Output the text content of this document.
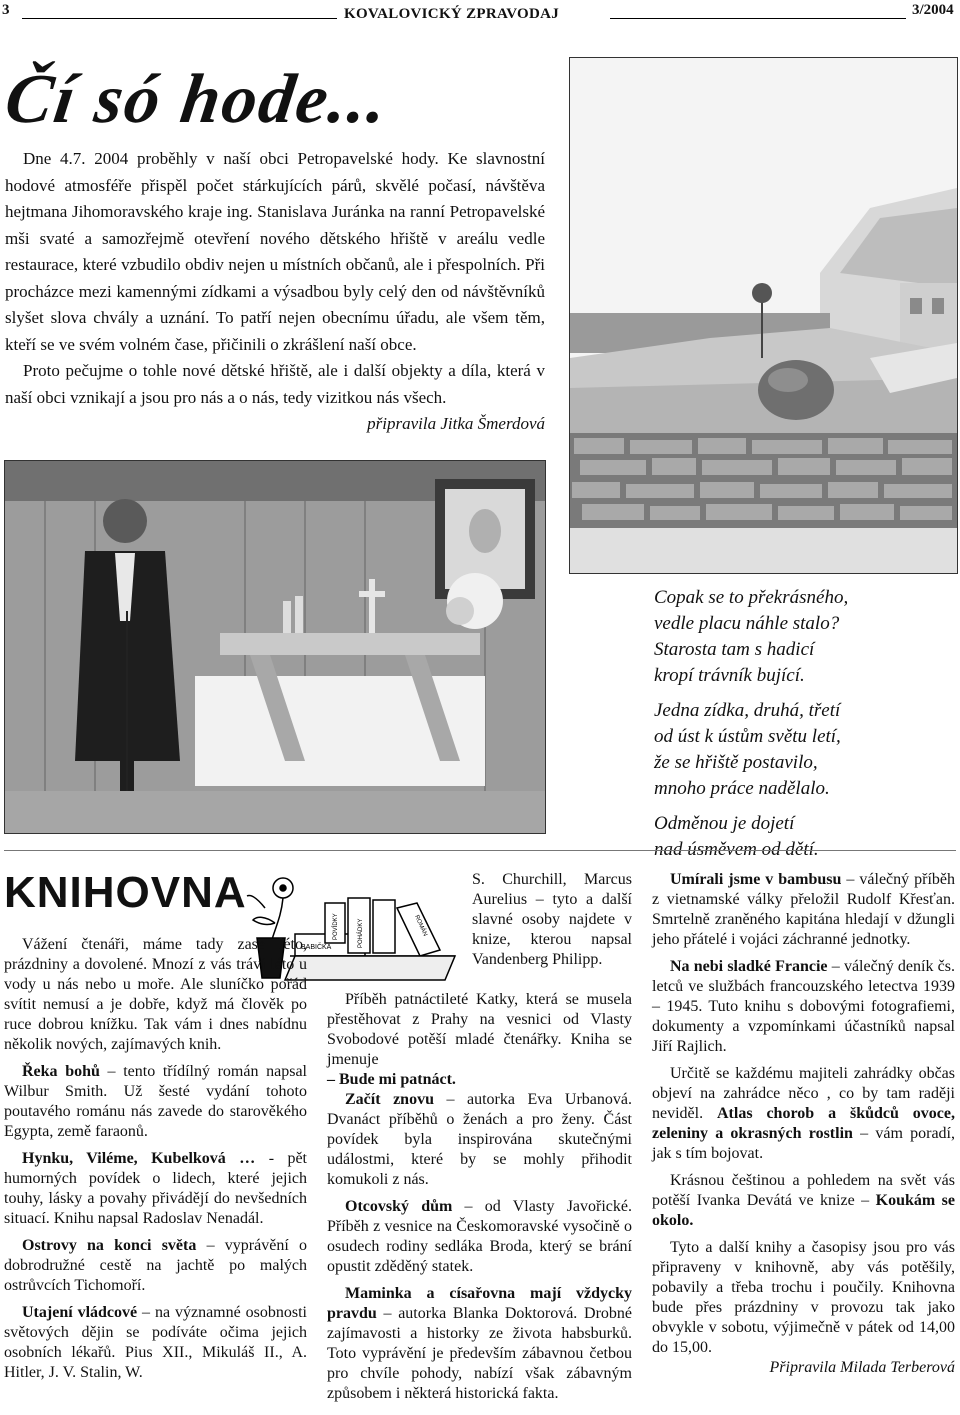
3	KOVALOVICKÝ ZPRAVODAJ	3/2004
Čí só hode...

Dne 4.7. 2004 proběhly v naší obci Petropavelské hody. Ke slavnostní hodové atmosféře přispěl počet stárkujících párů, skvělé počasí, návštěva hejtmana Jihomoravského kraje ing. Stanislava Juránka na ranní Petropavelské mši svaté a samozřejmě otevření nového dětského hřiště v areálu vedle restaurace, které vzbudilo obdiv nejen u místních občanů, ale i přespolních. Při procházce mezi kamennými zídkami a výsadbou byly celý den od návštěvníků slyšet slova chvály a uznání. To patří nejen obecnímu úřadu, ale všem těm, kteří se ve svém volném čase, přičinili o zkrášlení naší obce.

Proto pečujme o tohle nové dětské hřiště, ale i další objekty a díla, která v naší obci vznikají a jsou pro nás a o nás, tedy vizitkou nás všech.

připravila Jitka Šmerdová

Copak se to překrásného,
vedle placu náhle stalo?
Starosta tam s hadicí
kropí trávník bující.
Jedna zídka, druhá, třetí
od úst k ústům světu letí,
že se hřiště postavilo,
mnoho práce nadělalo.
Odměnou je dojetí
nad úsměvem od dětí.
KNIHOVNA
BABIČKA
POVÍDKY	POHÁDKY	ROMÁN

Vážení čtenáři, máme tady zase léto, prázdniny a dovolené. Mnozí z vás tráví léto u vody u nás nebo u moře. Ale sluníčko pořád svítit nemusí a je dobře, když má člověk po ruce dobrou knížku. Tak vám i dnes nabídnu několik nových, zajímavých knih.

Řeka bohů – tento třídílný román napsal Wilbur Smith. Už šesté vydání tohoto poutavého románu nás zavede do starověkého Egypta, země faraonů.

Hynku, Viléme, Kubelková … - pět humorných povídek o lidech, které jejich touhy, lásky a povahy přivádějí do nevšedních situací. Knihu napsal Radoslav Nenadál.

Ostrovy na konci světa – vyprávění o dobrodružné cestě na jachtě po malých ostrůvcích Tichomoří.

Utajení vládcové – na významné osobnosti světových dějin se podíváte očima jejich osobních lékařů. Pius XII., Mikuláš II., A. Hitler, J. V. Stalin, W.

S. Churchill, Marcus Aurelius – tyto a další slavné osoby najdete v knize, kterou napsal Vandenberg Philipp.

Příběh patnáctileté Katky, která se musela přestěhovat z Prahy na vesnici od Vlasty Svobodové potěší mladé čtenářky. Kniha se jmenuje
– Bude mi patnáct.

Začít znovu – autorka Eva Urbanová. Dvanáct příběhů o ženách a pro ženy. Část povídek byla inspirována skutečnými událostmi, které by se mohly přihodit komukoli z nás.

Otcovský dům – od Vlasty Javořické. Příběh z vesnice na Českomoravské vysočině o osudech rodiny sedláka Broda, který se brání opustit zděděný statek.

Maminka a císařovna mají vždycky pravdu – autorka Blanka Doktorová. Drobné zajímavosti a historky ze života habsburků. Toto vyprávění je především zábavnou četbou pro chvíle pohody, nabízí však zábavným způsobem i některá historická fakta.

Umírali jsme v bambusu – válečný příběh z vietnamské války přeložil Rudolf Křesťan. Smrtelně zraněného kapitána hledají v džungli jeho přátelé i vojáci záchranné jednotky.

Na nebi sladké Francie – válečný deník čs. letců ve službách francouzského letectva 1939 – 1945. Tuto knihu s dobovými fotografiemi, dokumenty a vzpomínkami účastníků napsal Jiří Rajlich.

Určitě se každému majiteli zahrádky občas objeví na zahrádce něco , co by tam raději neviděl. Atlas chorob a škůdců ovoce, zeleniny a okrasných rostlin – vám poradí, jak s tím bojovat.

Krásnou češtinou a pohledem na svět vás potěší Ivanka Devátá ve knize – Koukám se okolo.

Tyto a další knihy a časopisy jsou pro vás připraveny v knihovně, aby vás potěšily, pobavily a třeba trochu i poučily. Knihovna bude přes prázdniny v provozu tak jako obvykle v sobotu, výjimečně v pátek od 14,00 do 15,00.

Připravila Milada Terberová
